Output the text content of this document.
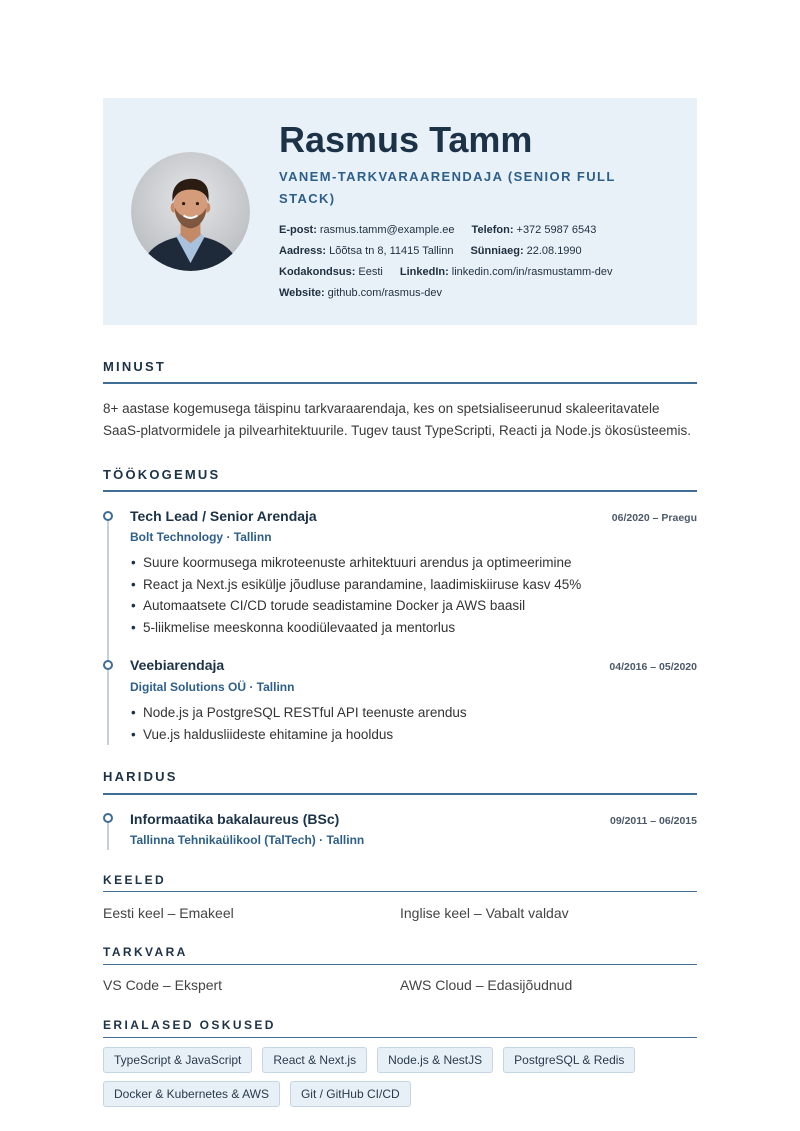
Rasmus Tamm
VANEM-TARKVARAARENDAJA (SENIOR FULL STACK)
E-post: rasmus.tamm@example.ee Telefon: +372 5987 6543
Aadress: Lõõtsa tn 8, 11415 Tallinn Sünniaeg: 22.08.1990
Kodakondsus: Eesti LinkedIn: linkedin.com/in/rasmustamm-dev
Website: github.com/rasmus-dev
MINUST

8+ aastase kogemusega täispinu tarkvaraarendaja, kes on spetsialiseerunud skaleeritavatele SaaS-platvormidele ja pilvearhitektuurile. Tugev taust TypeScripti, Reacti ja Node.js ökosüsteemis.

TÖÖKOGEMUS
Tech Lead / Senior Arendaja	06/2020 – Praegu
Bolt Technology · Tallinn
• Suure koormusega mikroteenuste arhitektuuri arendus ja optimeerimine
• React ja Next.js esikülje jõudluse parandamine, laadimiskiiruse kasv 45%
• Automaatsete CI/CD torude seadistamine Docker ja AWS baasil
• 5-liikmelise meeskonna koodiülevaated ja mentorlus
Veebiarendaja	04/2016 – 05/2020
Digital Solutions OÜ · Tallinn
• Node.js ja PostgreSQL RESTful API teenuste arendus
• Vue.js haldusliideste ehitamine ja hooldus
HARIDUS
Informaatika bakalaureus (BSc)	09/2011 – 06/2015
Tallinna Tehnikaülikool (TalTech) · Tallinn
KEELED
Eesti keel – Emakeel	Inglise keel – Vabalt valdav
TARKVARA
VS Code – Ekspert	AWS Cloud – Edasijõudnud
ERIALASED OSKUSED
TypeScript & JavaScript	React & Next.js	Node.js & NestJS	PostgreSQL & Redis
Docker & Kubernetes & AWS	Git / GitHub CI/CD
